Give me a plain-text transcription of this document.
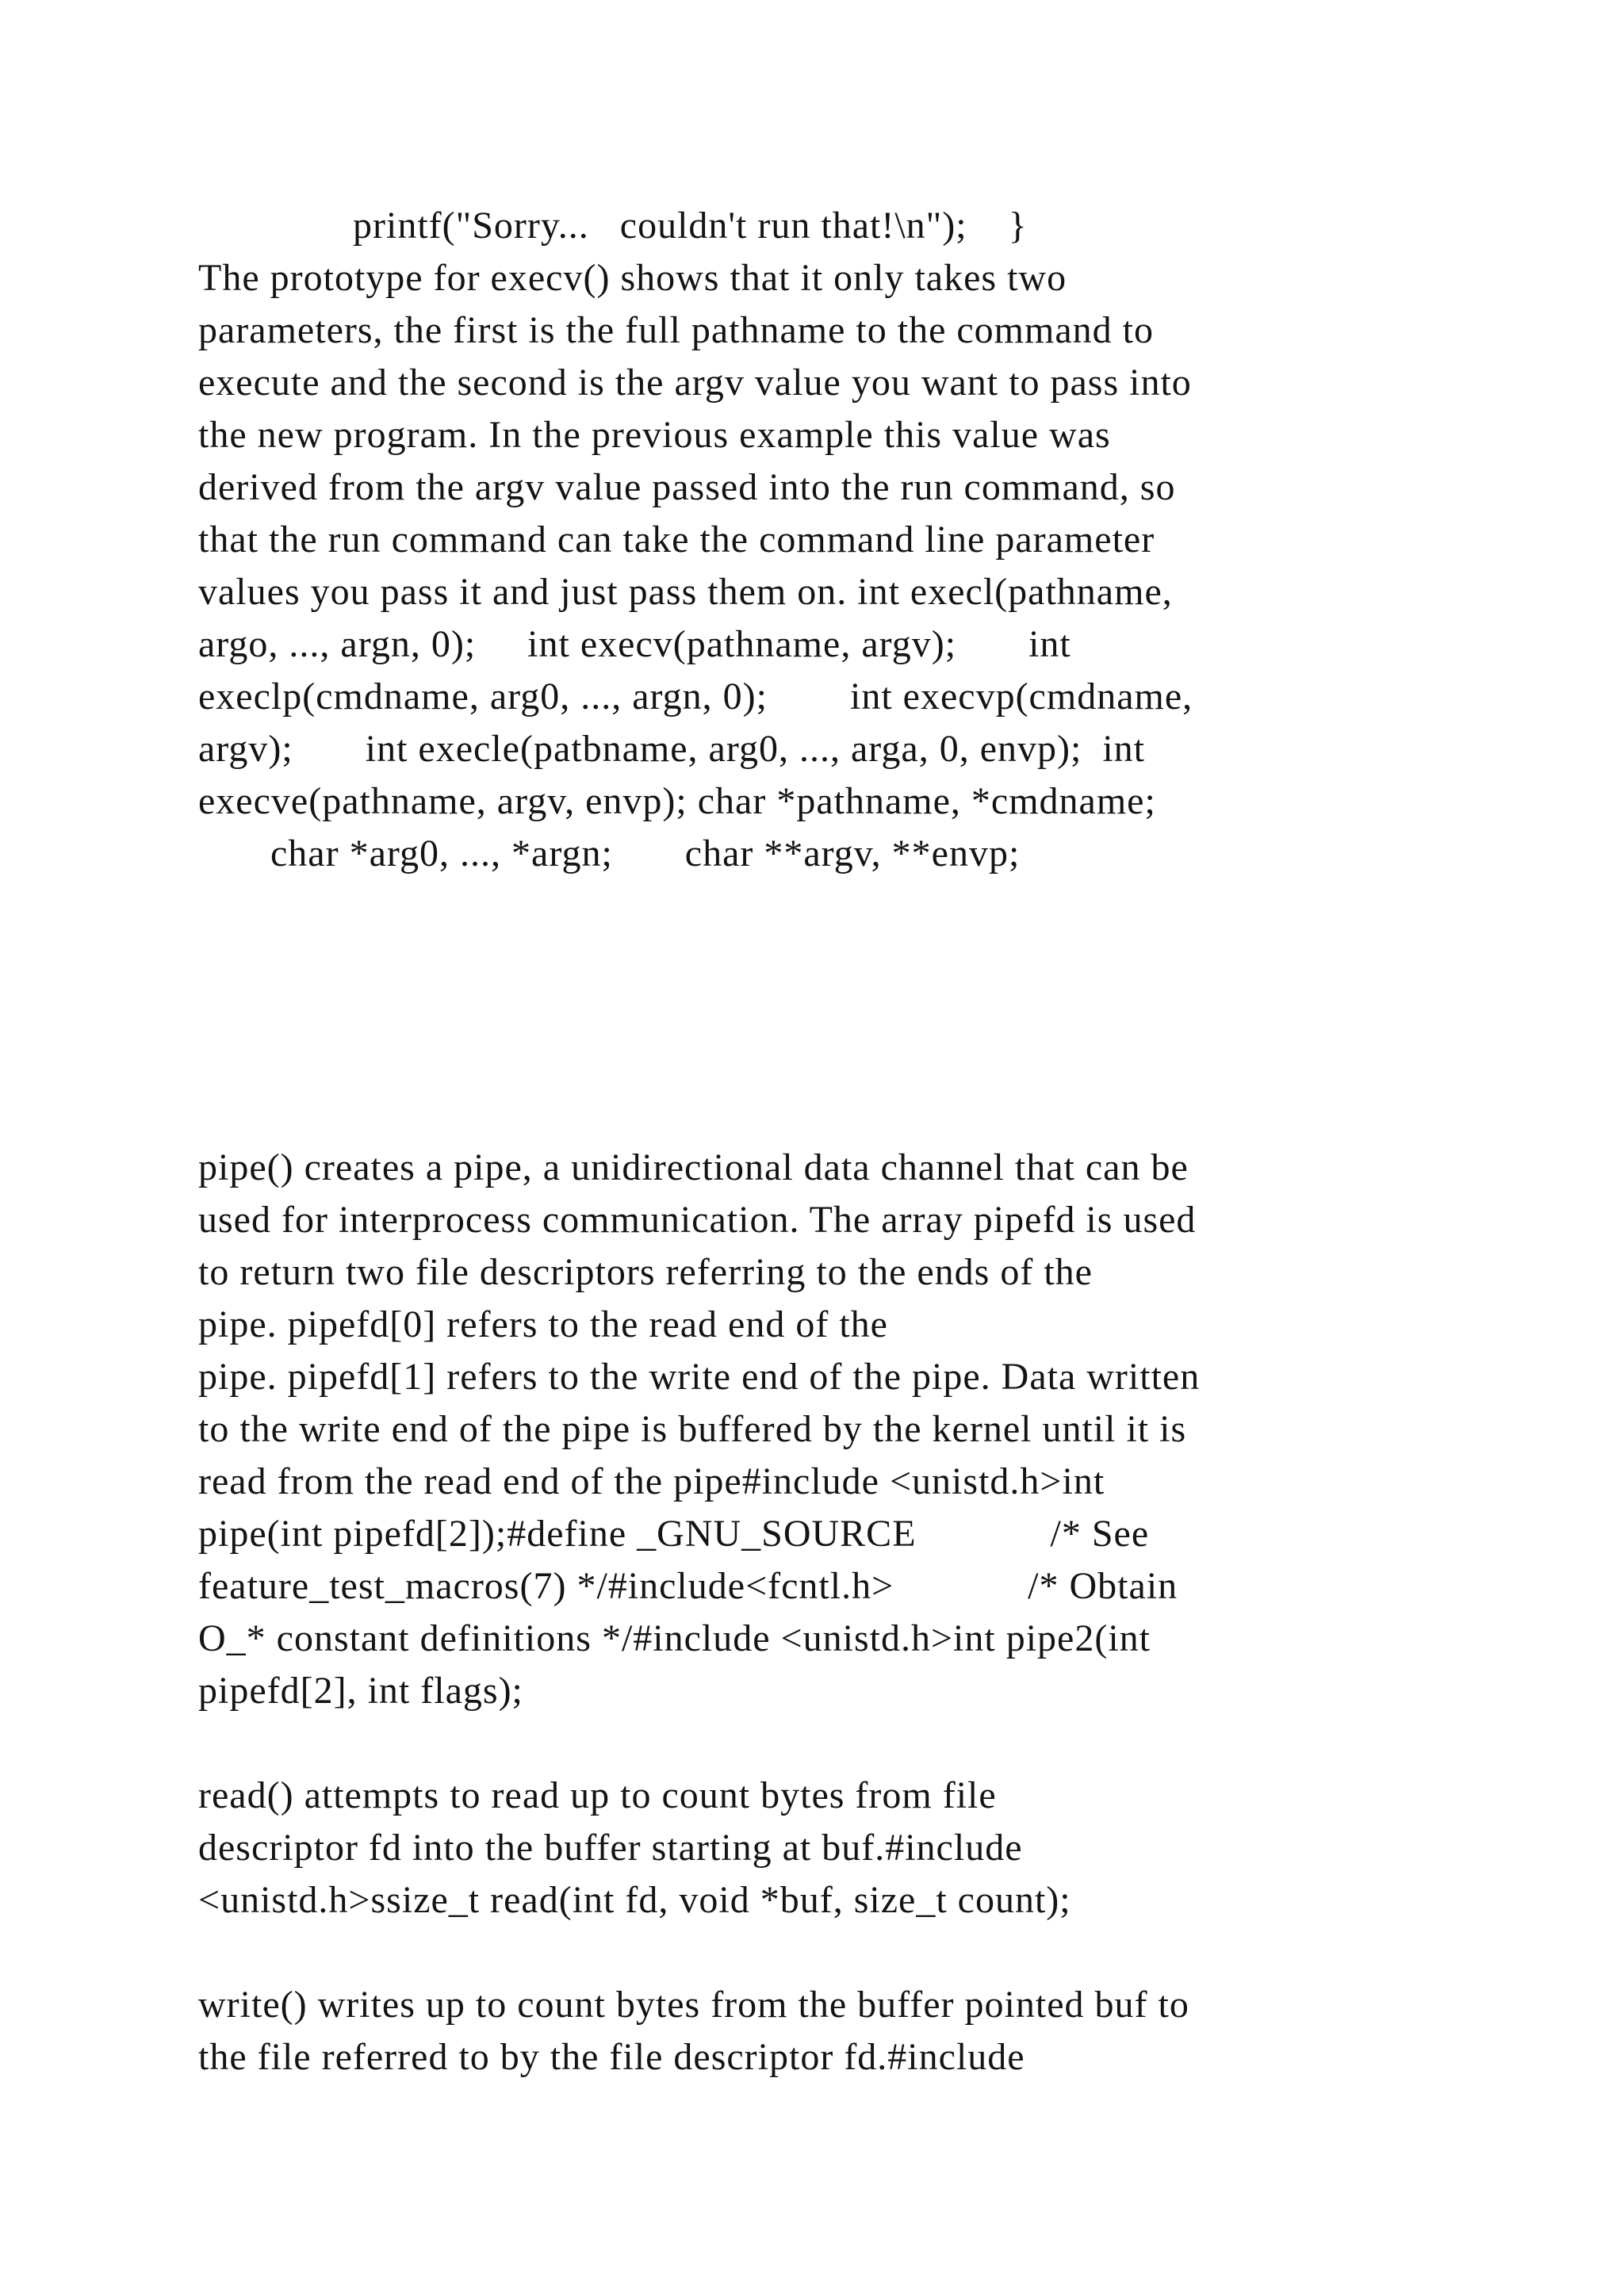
printf("Sorry...   couldn't run that!\n");    }
The prototype for execv() shows that it only takes two
parameters, the first is the full pathname to the command to
execute and the second is the argv value you want to pass into
the new program. In the previous example this value was
derived from the argv value passed into the run command, so
that the run command can take the command line parameter
values you pass it and just pass them on. int execl(pathname,
argo, ..., argn, 0);     int execv(pathname, argv);       int
execlp(cmdname, arg0, ..., argn, 0);        int execvp(cmdname,
argv);       int execle(patbname, arg0, ..., arga, 0, envp);  int
execve(pathname, argv, envp); char *pathname, *cmdname;
char *arg0, ..., *argn;       char **argv, **envp;
pipe() creates a pipe, a unidirectional data channel that can be
used for interprocess communication. The array pipefd is used
to return two file descriptors referring to the ends of the
pipe. pipefd[0] refers to the read end of the
pipe. pipefd[1] refers to the write end of the pipe. Data written
to the write end of the pipe is buffered by the kernel until it is
read from the read end of the pipe#include <unistd.h>int
pipe(int pipefd[2]);#define _GNU_SOURCE             /* See
feature_test_macros(7) */#include<fcntl.h>             /* Obtain
O_* constant definitions */#include <unistd.h>int pipe2(int
pipefd[2], int flags);
read() attempts to read up to count bytes from file
descriptor fd into the buffer starting at buf.#include
<unistd.h>ssize_t read(int fd, void *buf, size_t count);
write() writes up to count bytes from the buffer pointed buf to
the file referred to by the file descriptor fd.#include
